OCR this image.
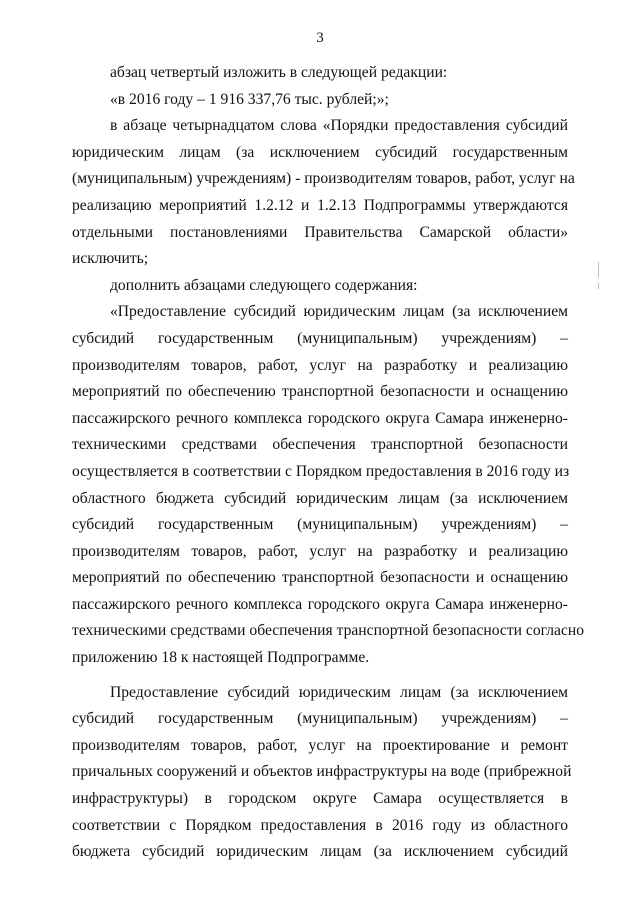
3
абзац четвертый изложить в следующей редакции:
«в 2016 году – 1 916 337,76 тыс. рублей;»;
в абзаце четырнадцатом слова «Порядки предоставления субсидий
юридическим лицам (за исключением субсидий государственным
(муниципальным) учреждениям) - производителям товаров, работ, услуг на
реализацию мероприятий 1.2.12 и 1.2.13 Подпрограммы утверждаются
отдельными постановлениями Правительства Самарской области»
исключить;
дополнить абзацами следующего содержания:
«Предоставление субсидий юридическим лицам (за исключением
субсидий государственным (муниципальным) учреждениям) –
производителям товаров, работ, услуг на разработку и реализацию
мероприятий по обеспечению транспортной безопасности и оснащению
пассажирского речного комплекса городского округа Самара инженерно-
техническими средствами обеспечения транспортной безопасности
осуществляется в соответствии с Порядком предоставления в 2016 году из
областного бюджета субсидий юридическим лицам (за исключением
субсидий государственным (муниципальным) учреждениям) –
производителям товаров, работ, услуг на разработку и реализацию
мероприятий по обеспечению транспортной безопасности и оснащению
пассажирского речного комплекса городского округа Самара инженерно-
техническими средствами обеспечения транспортной безопасности согласно
приложению 18 к настоящей Подпрограмме.
Предоставление субсидий юридическим лицам (за исключением
субсидий государственным (муниципальным) учреждениям) –
производителям товаров, работ, услуг на проектирование и ремонт
причальных сооружений и объектов инфраструктуры на воде (прибрежной
инфраструктуры) в городском округе Самара осуществляется в
соответствии с Порядком предоставления в 2016 году из областного
бюджета субсидий юридическим лицам (за исключением субсидий
